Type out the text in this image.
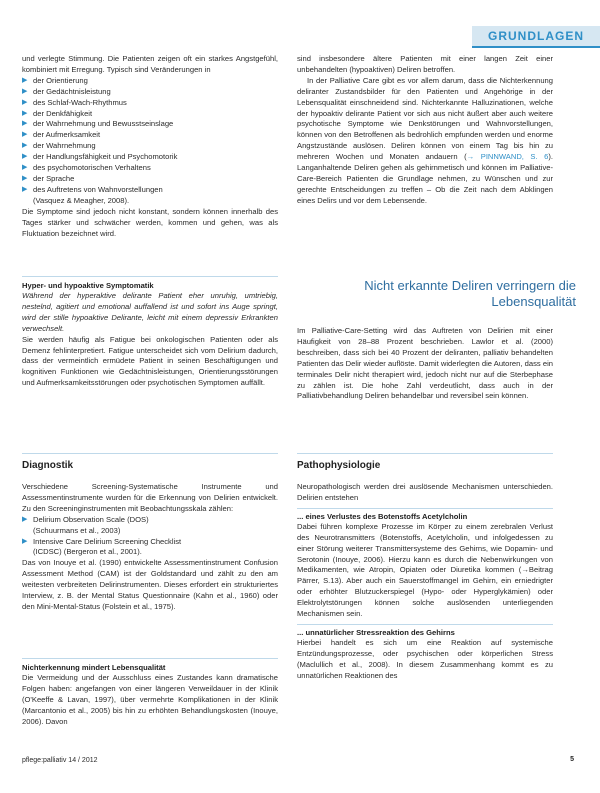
GRUNDLAGEN

und verlegte Stimmung. Die Patienten zeigen oft ein starkes Angstgefühl, kombiniert mit Erregung. Typisch sind Veränderungen in

▶ der Orientierung
▶ der Gedächtnisleistung
▶ des Schlaf-Wach-Rhythmus
▶ der Denkfähigkeit
▶ der Wahrnehmung und Bewusstseinslage
▶ der Aufmerksamkeit
▶ der Wahrnehmung
▶ der Handlungsfähigkeit und Psychomotorik
▶ des psychomotorischen Verhaltens
▶ der Sprache
▶ des Auftretens von Wahnvorstellungen
(Vasquez & Meagher, 2008).

Die Symptome sind jedoch nicht konstant, sondern können innerhalb des Tages stärker und schwächer werden, kommen und gehen, was als Fluktuation bezeichnet wird.

Hyper- und hypoaktive Symptomatik

Während der hyperaktive delirante Patient eher unruhig, umtriebig, nestelnd, agitiert und emotional auffallend ist und sofort ins Auge springt, wird der stille hypoaktive Delirante, leicht mit einem depressiv Erkrankten verwechselt.

Sie werden häufig als Fatigue bei onkologischen Patienten oder als Demenz fehlinterpretiert. Fatigue unterscheidet sich vom Delirium dadurch, dass der vermeintlich ermüdete Patient in seinen Beschäftigungen und kognitiven Funktionen wie Gedächtnisleistungen, Orientierungsstörungen und Aufmerksamkeitsstörungen oder psychotischen Symptomen auffällt.

sind insbesondere ältere Patienten mit einer langen Zeit einer unbehandelten (hypoaktiven) Deliren betroffen.

In der Palliative Care gibt es vor allem darum, dass die Nichterkennung deliranter Zustandsbilder für den Patienten und Angehörige in der Lebensqualität einschneidend sind. Nichterkannte Halluzinationen, welche der hypoaktiv delirante Patient vor sich aus nicht äußert aber auch weitere psychotische Symptome wie Denkstörungen und Wahnvorstellungen, können von den Betroffenen als bedrohlich empfunden werden und enorme Angstzustände auslösen. Deliren können von einem Tag bis hin zu mehreren Wochen und Monaten andauern (→ PINNWAND, S. 6). Langanhaltende Deliren gehen als gehirnmetisch und können im Palliative-Care-Bereich Patienten die Grundlage nehmen, zu Wünschen und zur gerechte Entscheidungen zu treffen – Ob die Zeit nach dem Abklingen eines Delirs und vor dem Lebensende.

Nicht erkannte Deliren verringern die Lebensqualität

Im Palliative-Care-Setting wird das Auftreten von Delirien mit einer Häufigkeit von 28–88 Prozent beschrieben. Lawlor et al. (2000) beschreiben, dass sich bei 40 Prozent der deliranten, palliativ behandelten Patienten das Delir wieder auflöste. Damit widerlegten die Autoren, dass ein terminales Delir nicht therapiert wird, jedoch nicht nur auf die Sterbephase zu zählen ist. Die hohe Zahl verdeutlicht, dass auch in der Palliativbehandlung Deliren behandelbar und reversibel sein können.

Diagnostik	Pathophysiologie

Verschiedene Screening-Systematische Instrumente und Assessmentinstrumente wurden für die Erkennung von Delirien entwickelt. Zu den Screeninginstrumenten mit Beobachtungsskala zählen:

▶ Delirium Observation Scale (DOS)
(Schuurmans et al., 2003)
▶ Intensive Care Delirium Screening Checklist
(ICDSC) (Bergeron et al., 2001).

Das von Inouye et al. (1990) entwickelte Assessmentinstrument Confusion Assessment Method (CAM) ist der Goldstandard und zählt zu den am weitesten verbreiteten Delirinstrumenten. Dieses erfordert ein strukturiertes Interview, z. B. der Mental Status Questionnaire (Kahn et al., 1960) oder den Mini-Mental-Status (Folstein et al., 1975).

Nichterkennung mindert Lebensqualität

Die Vermeidung und der Ausschluss eines Zustandes kann dramatische Folgen haben: angefangen von einer längeren Verweildauer in der Klinik (O'Keeffe & Lavan, 1997), über vermehrte Komplikationen in der Klinik (Marcantonio et al., 2005) bis hin zu erhöhten Behandlungskosten (Inouye, 2006). Davon

Neuropathologisch werden drei auslösende Mechanismen unterschieden. Delirien entstehen

... eines Verlustes des Botenstoffs Acetylcholin

Dabei führen komplexe Prozesse im Körper zu einem zerebralen Verlust des Neurotransmitters (Botenstoffs, Acetylcholin, und infolgedessen zu einer Störung weiterer Transmittersysteme des Gehirns, wie Dopamin- und Serotonin (Inouye, 2006). Hierzu kann es durch die Nebenwirkungen von Medikamenten, wie Atropin, Opiaten oder Diuretika kommen (→Beitrag Pärrer, S.13). Aber auch ein Sauerstoffmangel im Gehirn, ein erniedrigter oder erhöhter Blutzuckerspiegel (Hypo- oder Hyperglykämien) oder Elektrolytstörungen können solche auslösenden unterliegenden Mechanismen sein.

... unnatürlicher Stressreaktion des Gehirns

Hierbei handelt es sich um eine Reaktion auf systemische Entzündungsprozesse, oder psychischen oder körperlichen Stress (Maclullich et al., 2008). In diesem Zusammenhang kommt es zu unnatürlichen Reaktionen des

pflege:palliativ 14 / 2012	5
